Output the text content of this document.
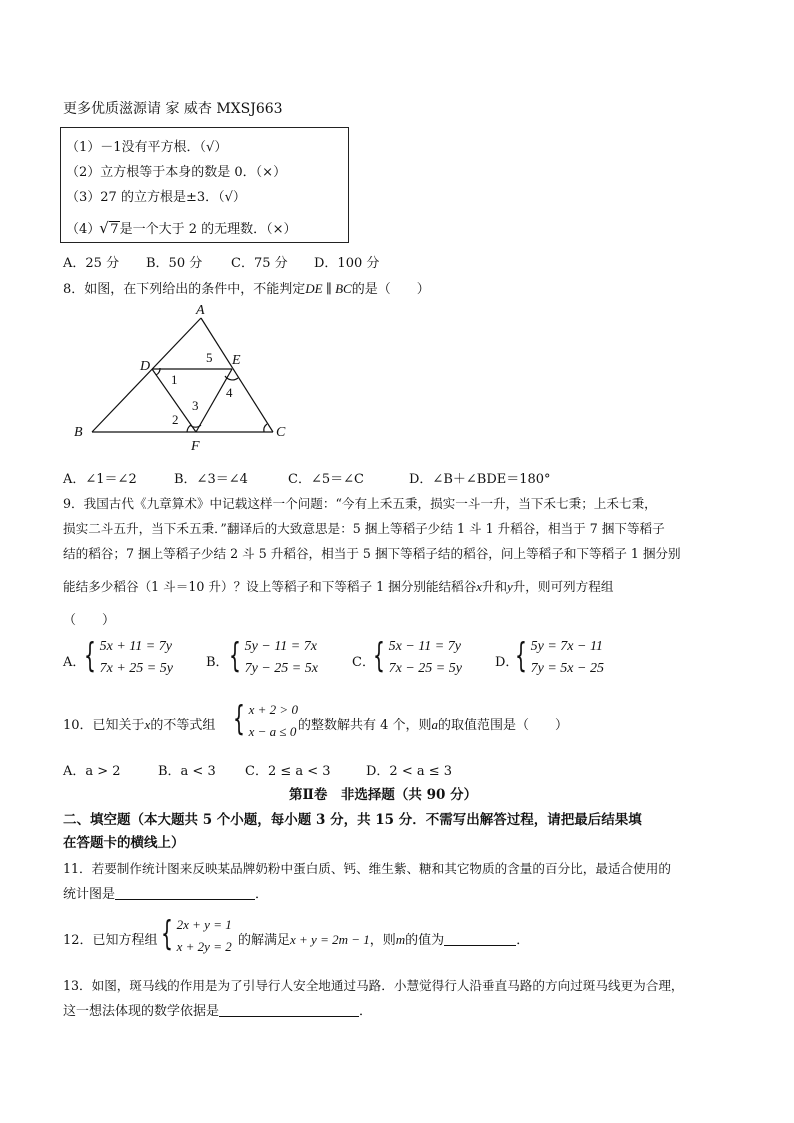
更多优质滋源请 家 威杏 MXSJ663
（1）－1没有平方根．（√）
（2）立方根等于本身的数是 0．（×）
（3）27 的立方根是±3．（√）
（4）√ 7是一个大于 2 的无理数．（×）
A．25 分 B．50 分 C．75 分 D．100 分
8．如图，在下列给出的条件中，不能判定DE ∥ BC的是（　　）
A
B	C
D	E
F
1
2
3
4
5
A．∠1＝∠2	B．∠3＝∠4	C．∠5＝∠C	D．∠B＋∠BDE＝180°
9．我国古代《九章算术》中记载这样一个问题：“今有上禾五秉，损实一斗一升，当下禾七秉；上禾七秉，
损实二斗五升，当下禾五秉．”翻译后的大致意思是：5 捆上等稻子少结 1 斗 1 升稻谷，相当于 7 捆下等稻子
结的稻谷；7 捆上等稻子少结 2 斗 5 升稻谷，相当于 5 捆下等稻子结的稻谷，问上等稻子和下等稻子 1 捆分别
能结多少稻谷（1 斗＝10 升）？设上等稻子和下等稻子 1 捆分别能结稻谷x升和y升，则可列方程组
（　　）
A．
{ 5x + 11 = 7y
7x + 25 = 5y	B． { 5y − 11 = 7x
7y − 25 = 5x	C．
{ 5x − 11 = 7y
7x − 25 = 5y	D．
{ 5y = 7x − 11
7y = 5x − 25
10．已知关于x的不等式组 { x + 2 > 0
x − a ≤ 0 的整数解共有 4 个，则a的取值范围是（　　）
A．a > 2	B．a < 3 C．2 ≤ a < 3	D．2 < a ≤ 3
第Ⅱ卷　非选择题（共 90 分）
二、填空题（本大题共 5 个小题，每小题 3 分，共 15 分．不需写出解答过程，请把最后结果填
在答题卡的横线上）
11．若要制作统计图来反映某品牌奶粉中蛋白质、钙、维生紫、糖和其它物质的含量的百分比，最适合使用的
统计图是	．
12．已知方程组 { 2x + y = 1
x + 2y = 2 的解满足x + y = 2m − 1，则m的值为	．
13．如图，斑马线的作用是为了引导行人安全地通过马路．小慧觉得行人沿垂直马路的方向过斑马线更为合理，
这一想法体现的数学依据是	．
